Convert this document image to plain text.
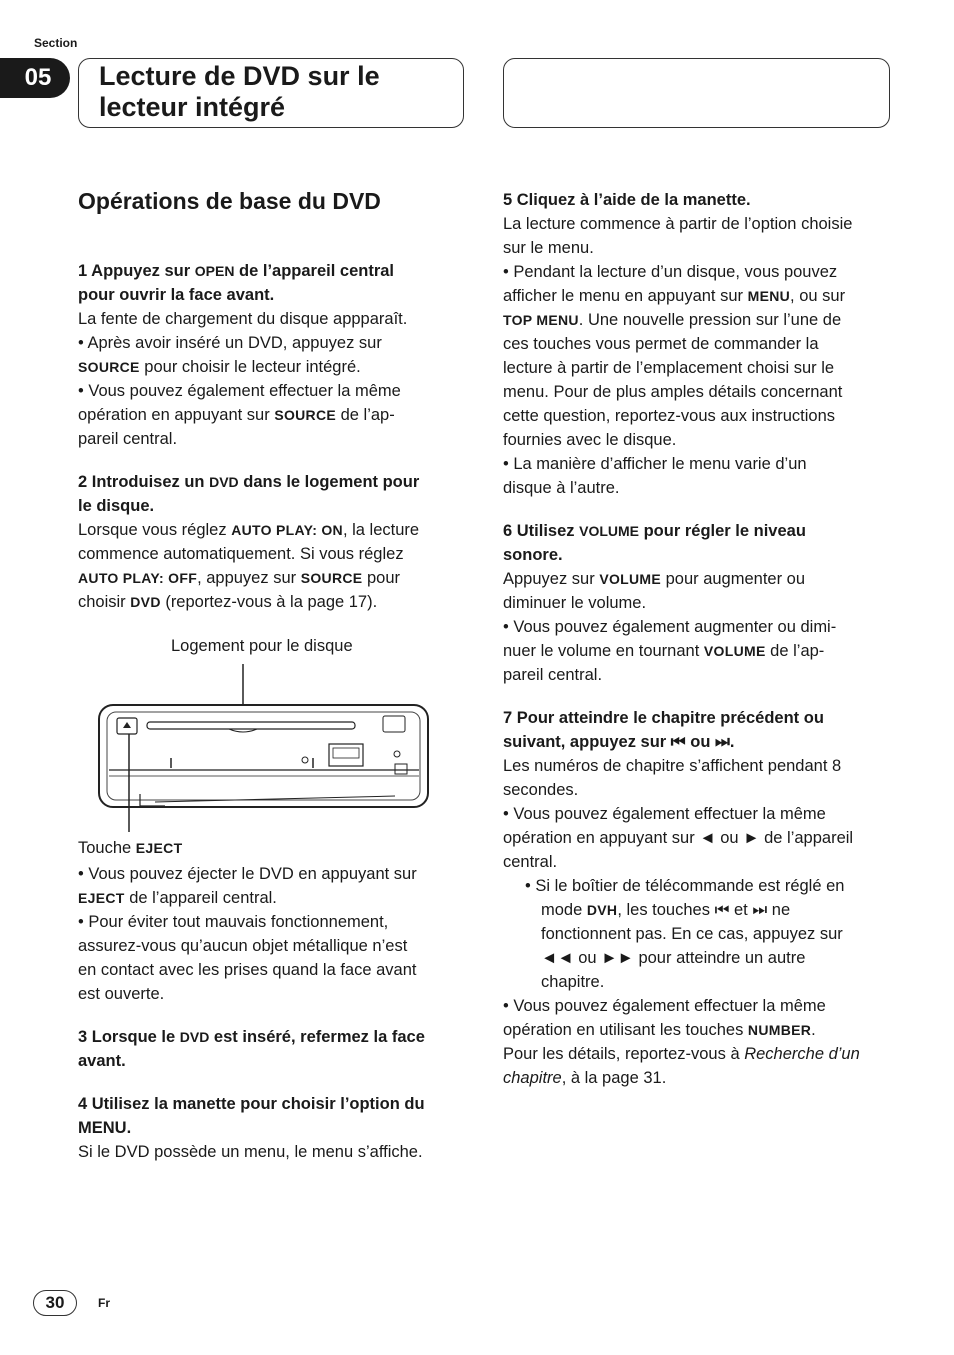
Section
05	Lecture de DVD sur le
lecteur intégré
Opérations de base du DVD

1 Appuyez sur OPEN de l’appareil central

pour ouvrir la face avant.

La fente de chargement du disque appparaît.

• Après avoir inséré un DVD, appuyez sur

SOURCE pour choisir le lecteur intégré.

• Vous pouvez également effectuer la même

opération en appuyant sur SOURCE de l’ap-

pareil central.

2 Introduisez un DVD dans le logement pour

le disque.

Lorsque vous réglez AUTO PLAY: ON, la lecture

commence automatiquement. Si vous réglez

AUTO PLAY: OFF, appuyez sur SOURCE pour

choisir DVD (reportez-vous à la page 17).

Logement pour le disque
Touche EJECT

• Vous pouvez éjecter le DVD en appuyant sur

EJECT de l’appareil central.

• Pour éviter tout mauvais fonctionnement,

assurez-vous qu’aucun objet métallique n’est

en contact avec les prises quand la face avant

est ouverte.

3 Lorsque le DVD est inséré, refermez la face

avant.

4 Utilisez la manette pour choisir l’option du

MENU.

Si le DVD possède un menu, le menu s’affiche.

5 Cliquez à l’aide de la manette.

La lecture commence à partir de l’option choisie

sur le menu.

• Pendant la lecture d’un disque, vous pouvez

afficher le menu en appuyant sur MENU, ou sur

TOP MENU. Une nouvelle pression sur l’une de

ces touches vous permet de commander la

lecture à partir de l’emplacement choisi sur le

menu. Pour de plus amples détails concernant

cette question, reportez-vous aux instructions

fournies avec le disque.

• La manière d’afficher le menu varie d’un

disque à l’autre.

6 Utilisez VOLUME pour régler le niveau

sonore.

Appuyez sur VOLUME pour augmenter ou

diminuer le volume.

• Vous pouvez également augmenter ou dimi-

nuer le volume en tournant VOLUME de l’ap-

pareil central.

7 Pour atteindre le chapitre précédent ou

suivant, appuyez sur ⏮ ou ⏭.

Les numéros de chapitre s’affichent pendant 8

secondes.

• Vous pouvez également effectuer la même

opération en appuyant sur ◄ ou ► de l’appareil

central.

• Si le boîtier de télécommande est réglé en

mode DVH, les touches ⏮ et ⏭ ne

fonctionnent pas. En ce cas, appuyez sur

◄◄ ou ►► pour atteindre un autre

chapitre.

• Vous pouvez également effectuer la même

opération en utilisant les touches NUMBER.

Pour les détails, reportez-vous à Recherche d’un

chapitre, à la page 31.

30	Fr
